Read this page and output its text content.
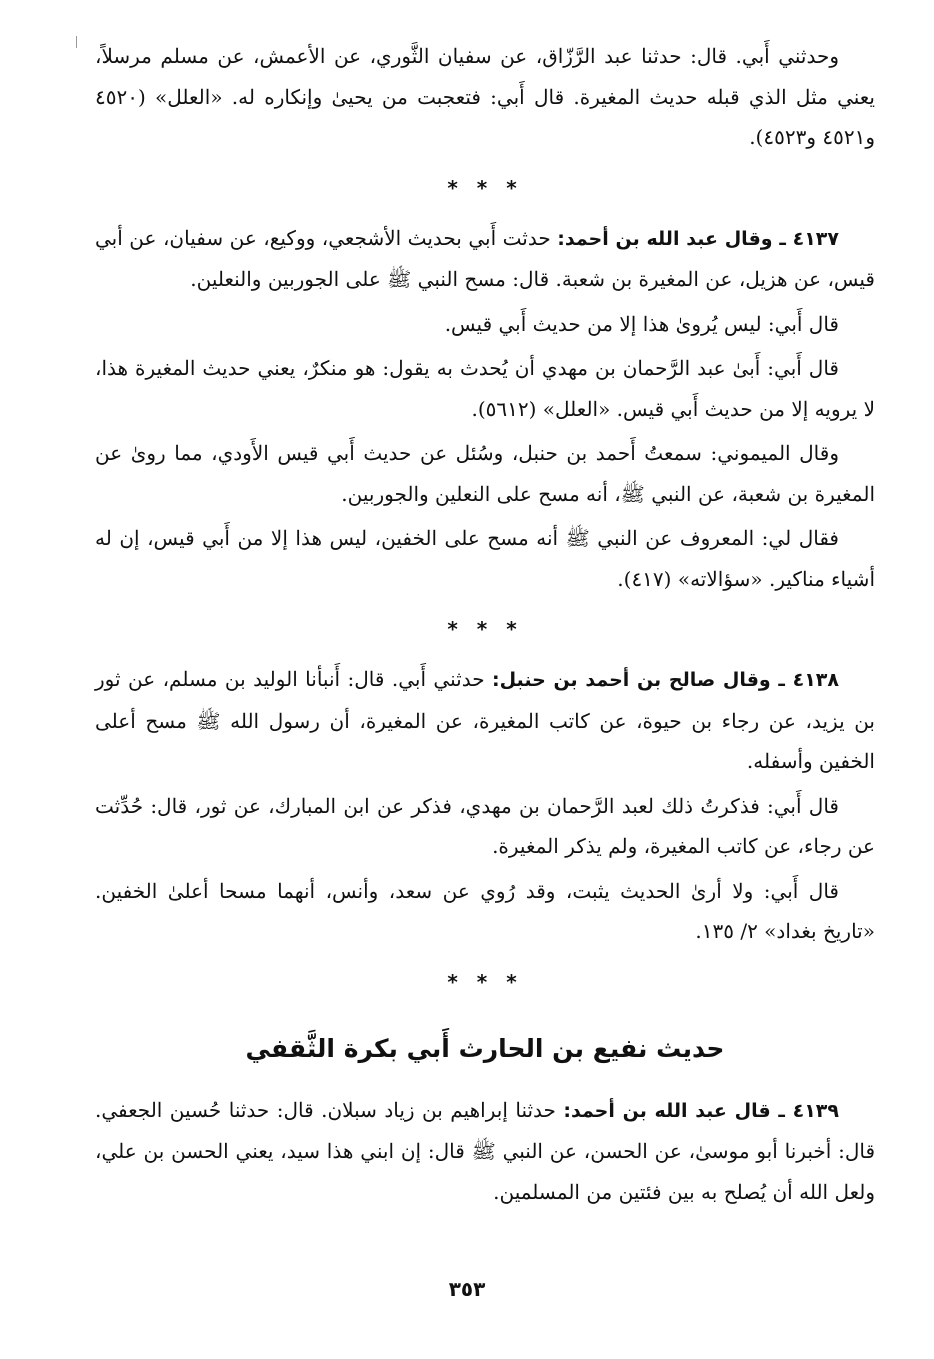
وحدثني أَبي. قال: حدثنا عبد الرَّزّاق، عن سفيان الثَّوري، عن الأعمش، عن مسلم مرسلاً، يعني مثل الذي قبله حديث المغيرة. قال أَبي: فتعجبت من يحيىٰ وإنكاره له. «العلل» (٤٥٢٠ و٤٥٢١ و٤٥٢٣).

* * *

٤١٣٧ ـ وقال عبد الله بن أحمد: حدثت أَبي بحديث الأشجعي، ووكيع، عن سفيان، عن أبي قيس، عن هزيل، عن المغيرة بن شعبة. قال: مسح النبي ﷺ على الجوربين والنعلين.

قال أَبي: ليس يُروىٰ هذا إلا من حديث أَبي قيس.

قال أَبي: أَبىٰ عبد الرَّحمان بن مهدي أن يُحدث به يقول: هو منكرٌ، يعني حديث المغيرة هذا، لا يرويه إلا من حديث أَبي قيس. «العلل» (٥٦١٢).

وقال الميموني: سمعتُ أَحمد بن حنبل، وسُئل عن حديث أَبي قيس الأَودي، مما روىٰ عن المغيرة بن شعبة، عن النبي ﷺ، أنه مسح على النعلين والجوربين.

فقال لي: المعروف عن النبي ﷺ أنه مسح على الخفين، ليس هذا إلا من أَبي قيس، إن له أشياء مناكير. «سؤالاته» (٤١٧).

* * *

٤١٣٨ ـ وقال صالح بن أحمد بن حنبل: حدثني أَبي. قال: أَنبأنا الوليد بن مسلم، عن ثور بن يزيد، عن رجاء بن حيوة، عن كاتب المغيرة، عن المغيرة، أن رسول الله ﷺ مسح أعلى الخفين وأسفله.

قال أَبي: فذكرتُ ذلك لعبد الرَّحمان بن مهدي، فذكر عن ابن المبارك، عن ثور، قال: حُدِّثت عن رجاء، عن كاتب المغيرة، ولم يذكر المغيرة.

قال أَبي: ولا أرىٰ الحديث يثبت، وقد رُوي عن سعد، وأنس، أنهما مسحا أعلىٰ الخفين. «تاريخ بغداد» ٢/ ١٣٥.

* * *
حديث نفيع بن الحارث أَبي بكرة الثَّقفي

٤١٣٩ ـ قال عبد الله بن أحمد: حدثنا إبراهيم بن زياد سبلان. قال: حدثنا حُسين الجعفي. قال: أخبرنا أبو موسىٰ، عن الحسن، عن النبي ﷺ قال: إن ابني هذا سيد، يعني الحسن بن علي، ولعل الله أن يُصلح به بين فئتين من المسلمين.

٣٥٣
